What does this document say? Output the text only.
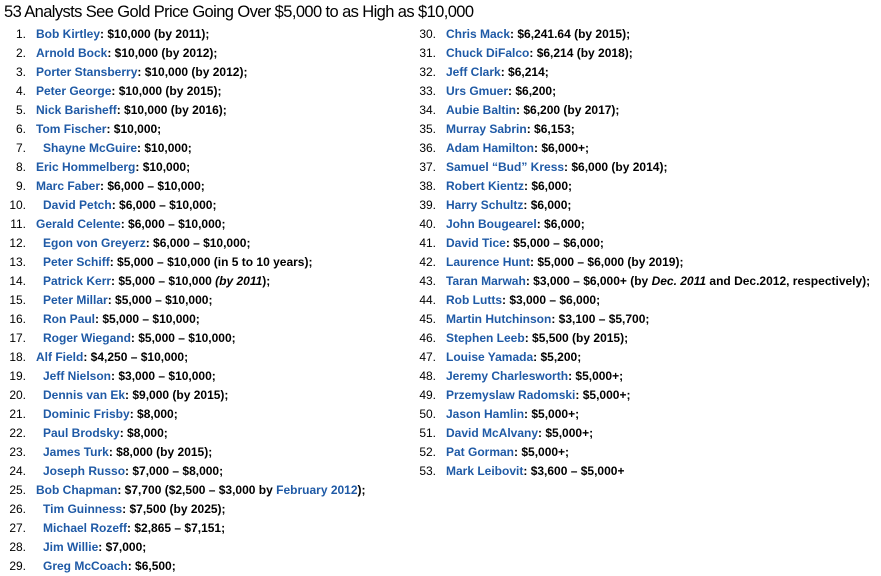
53 Analysts See Gold Price Going Over $5,000 to as High as $10,000
1. Bob Kirtley: $10,000 (by 2011);
2. Arnold Bock: $10,000 (by 2012);
3. Porter Stansberry: $10,000 (by 2012);
4. Peter George: $10,000 (by 2015);
5. Nick Barisheff: $10,000 (by 2016);
6. Tom Fischer: $10,000;
7. Shayne McGuire: $10,000;
8. Eric Hommelberg: $10,000;
9. Marc Faber: $6,000 – $10,000;
10. David Petch: $6,000 – $10,000;
11. Gerald Celente: $6,000 – $10,000;
12. Egon von Greyerz: $6,000 – $10,000;
13. Peter Schiff: $5,000 – $10,000 (in 5 to 10 years);
14. Patrick Kerr: $5,000 – $10,000 (by 2011);
15. Peter Millar: $5,000 – $10,000;
16. Ron Paul: $5,000 – $10,000;
17. Roger Wiegand: $5,000 – $10,000;
18. Alf Field: $4,250 – $10,000;
19. Jeff Nielson: $3,000 – $10,000;
20. Dennis van Ek: $9,000 (by 2015);
21. Dominic Frisby: $8,000;
22. Paul Brodsky: $8,000;
23. James Turk: $8,000 (by 2015);
24. Joseph Russo: $7,000 – $8,000;
25. Bob Chapman: $7,700 ($2,500 – $3,000 by February 2012);
26. Tim Guinness: $7,500 (by 2025);
27. Michael Rozeff: $2,865 – $7,151;
28. Jim Willie: $7,000;
29. Greg McCoach: $6,500;
30. Chris Mack: $6,241.64 (by 2015);
31. Chuck DiFalco: $6,214 (by 2018);
32. Jeff Clark: $6,214;
33. Urs Gmuer: $6,200;
34. Aubie Baltin: $6,200 (by 2017);
35. Murray Sabrin: $6,153;
36. Adam Hamilton: $6,000+;
37. Samuel “Bud” Kress: $6,000 (by 2014);
38. Robert Kientz: $6,000;
39. Harry Schultz: $6,000;
40. John Bougearel: $6,000;
41. David Tice: $5,000 – $6,000;
42. Laurence Hunt: $5,000 – $6,000 (by 2019);
43. Taran Marwah: $3,000 – $6,000+ (by Dec. 2011 and Dec.2012, respectively);
44. Rob Lutts: $3,000 – $6,000;
45. Martin Hutchinson: $3,100 – $5,700;
46. Stephen Leeb: $5,500 (by 2015);
47. Louise Yamada: $5,200;
48. Jeremy Charlesworth: $5,000+;
49. Przemyslaw Radomski: $5,000+;
50. Jason Hamlin: $5,000+;
51. David McAlvany: $5,000+;
52. Pat Gorman: $5,000+;
53. Mark Leibovit: $3,600 – $5,000+
